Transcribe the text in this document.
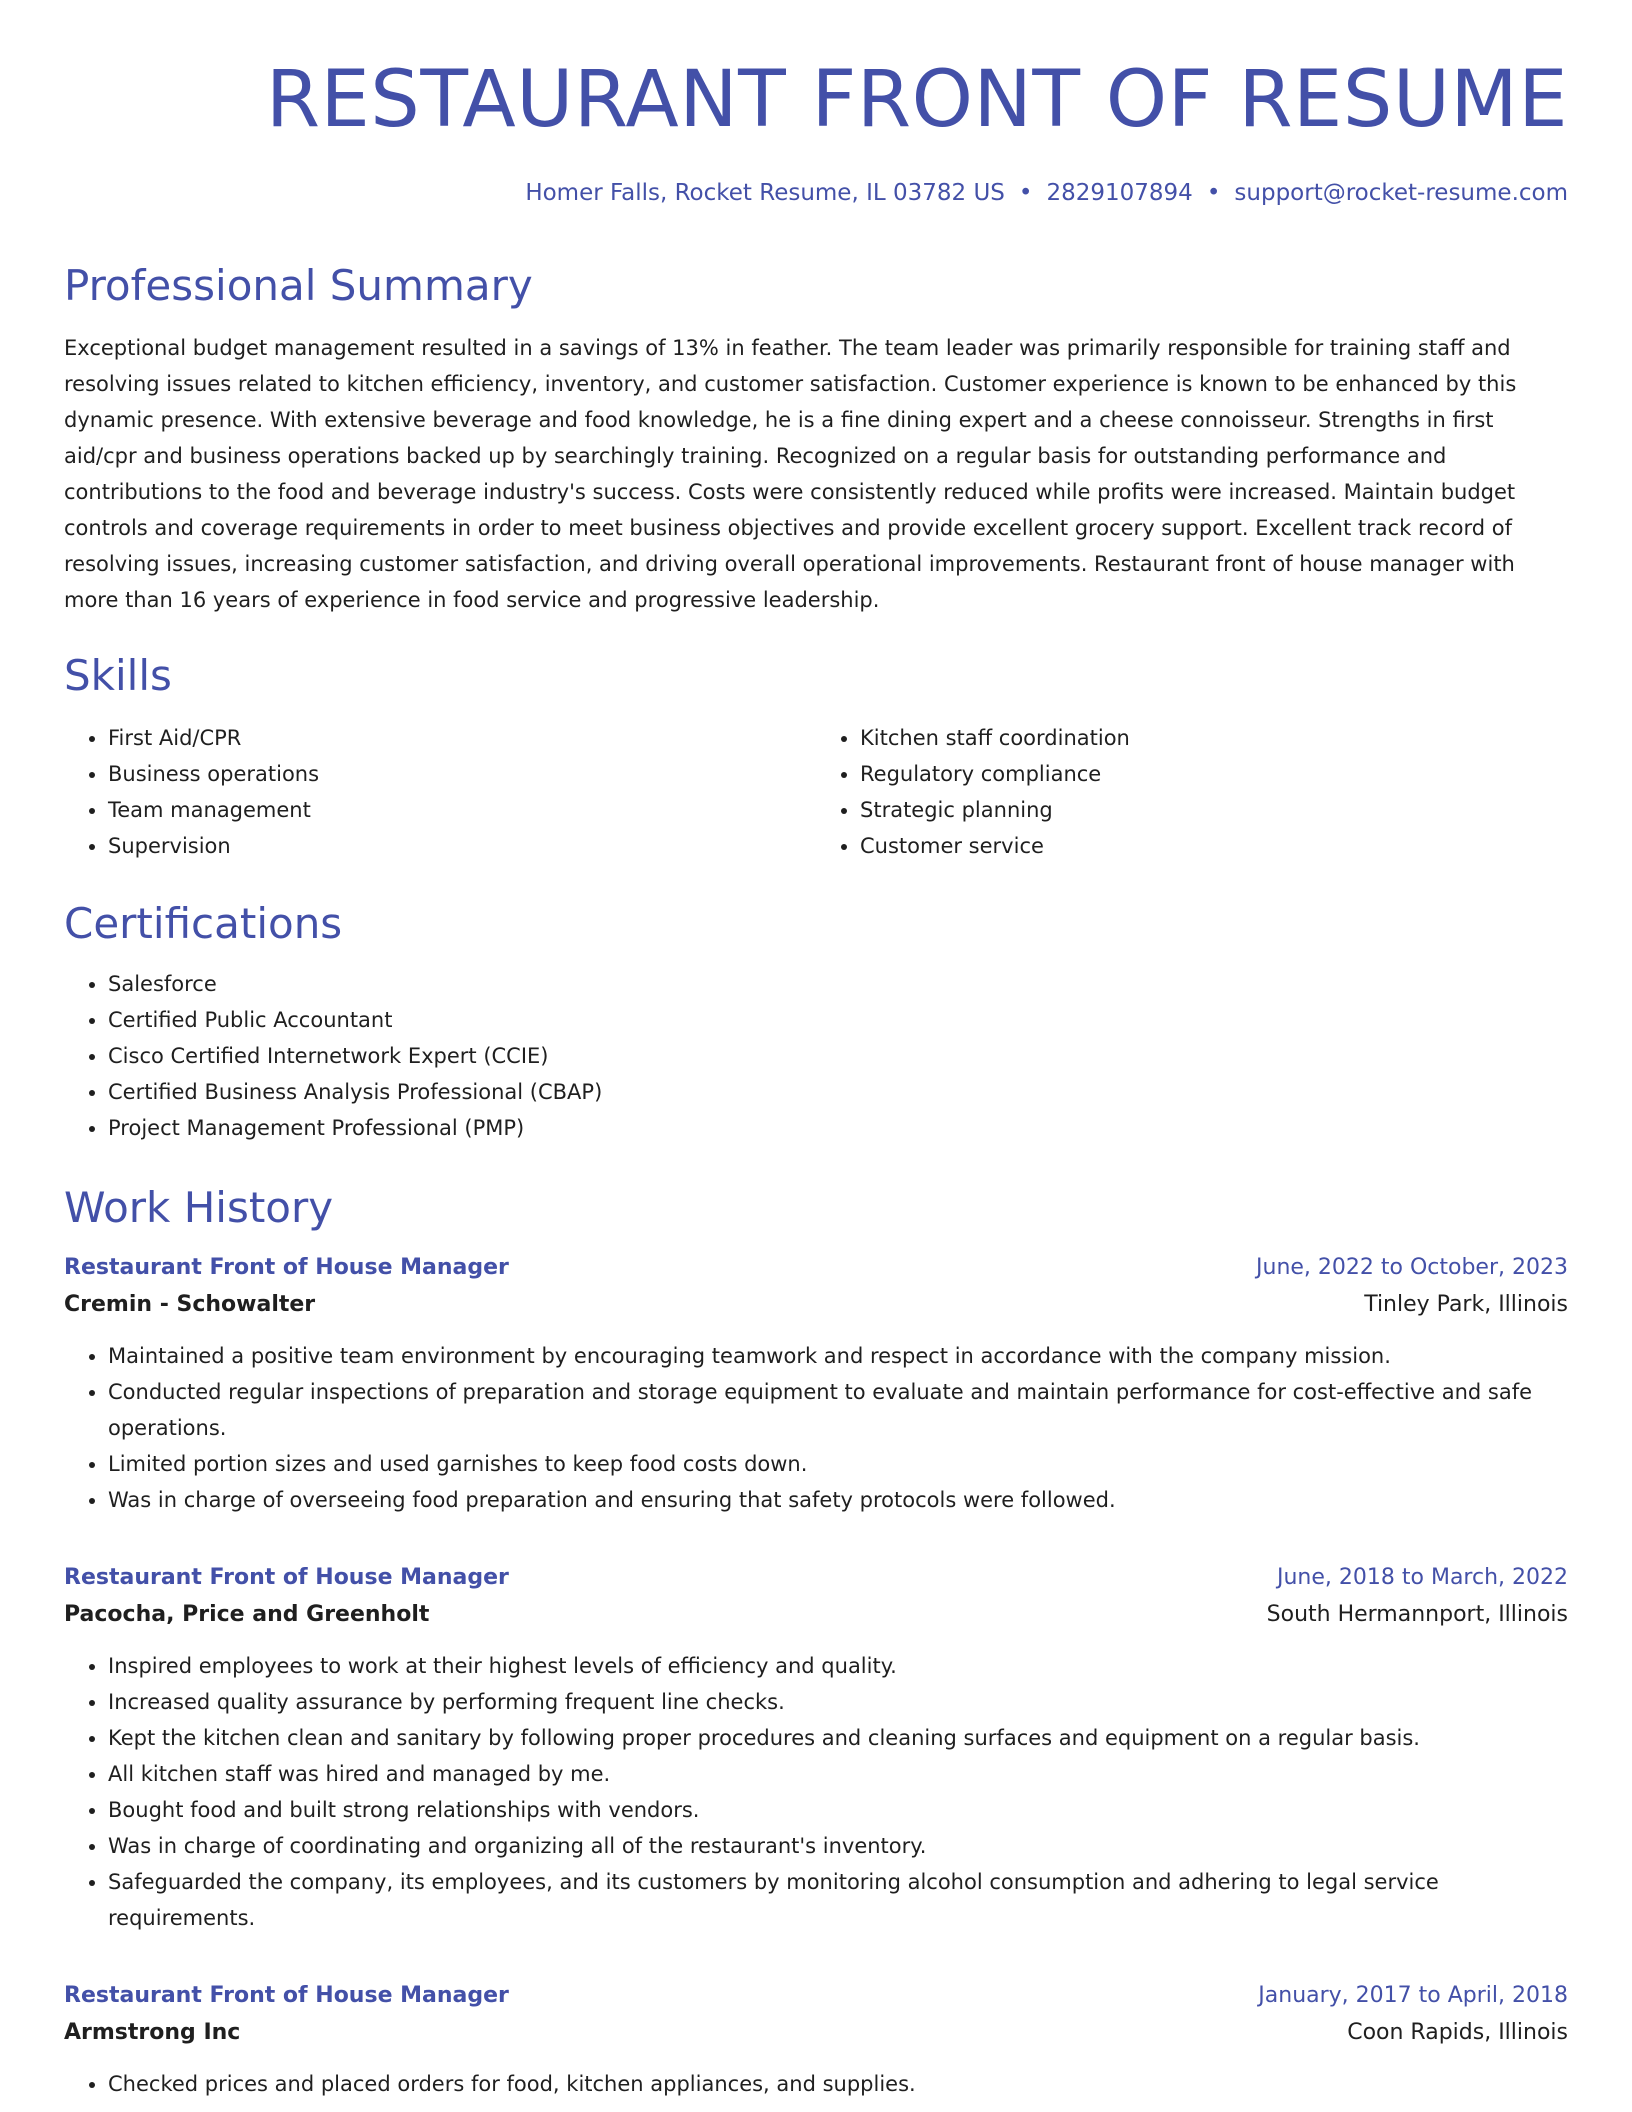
RESTAURANT FRONT OF RESUME
Homer Falls, Rocket Resume, IL 03782 US • 2829107894 • support@rocket-resume.com
Professional Summary
Exceptional budget management resulted in a savings of 13% in feather. The team leader was primarily responsible for training staff and resolving issues related to kitchen efficiency, inventory, and customer satisfaction. Customer experience is known to be enhanced by this dynamic presence. With extensive beverage and food knowledge, he is a fine dining expert and a cheese connoisseur. Strengths in first aid/cpr and business operations backed up by searchingly training. Recognized on a regular basis for outstanding performance and contributions to the food and beverage industry's success. Costs were consistently reduced while profits were increased. Maintain budget controls and coverage requirements in order to meet business objectives and provide excellent grocery support. Excellent track record of resolving issues, increasing customer satisfaction, and driving overall operational improvements. Restaurant front of house manager with more than 16 years of experience in food service and progressive leadership.
Skills
• First Aid/CPR
• Business operations
• Team management
• Supervision
• Kitchen staff coordination
• Regulatory compliance
• Strategic planning
• Customer service
Certifications
• Salesforce
• Certified Public Accountant
• Cisco Certified Internetwork Expert (CCIE)
• Certified Business Analysis Professional (CBAP)
• Project Management Professional (PMP)
Work History
Restaurant Front of House Manager	June, 2022 to October, 2023
Cremin - Schowalter	Tinley Park, Illinois
• Maintained a positive team environment by encouraging teamwork and respect in accordance with the company mission.
• Conducted regular inspections of preparation and storage equipment to evaluate and maintain performance for cost-effective and safe operations.
• Limited portion sizes and used garnishes to keep food costs down.
• Was in charge of overseeing food preparation and ensuring that safety protocols were followed.
Restaurant Front of House Manager	June, 2018 to March, 2022
Pacocha, Price and Greenholt	South Hermannport, Illinois
• Inspired employees to work at their highest levels of efficiency and quality.
• Increased quality assurance by performing frequent line checks.
• Kept the kitchen clean and sanitary by following proper procedures and cleaning surfaces and equipment on a regular basis.
• All kitchen staff was hired and managed by me.
• Bought food and built strong relationships with vendors.
• Was in charge of coordinating and organizing all of the restaurant's inventory.
• Safeguarded the company, its employees, and its customers by monitoring alcohol consumption and adhering to legal service requirements.
Restaurant Front of House Manager	January, 2017 to April, 2018
Armstrong Inc	Coon Rapids, Illinois
• Checked prices and placed orders for food, kitchen appliances, and supplies.
